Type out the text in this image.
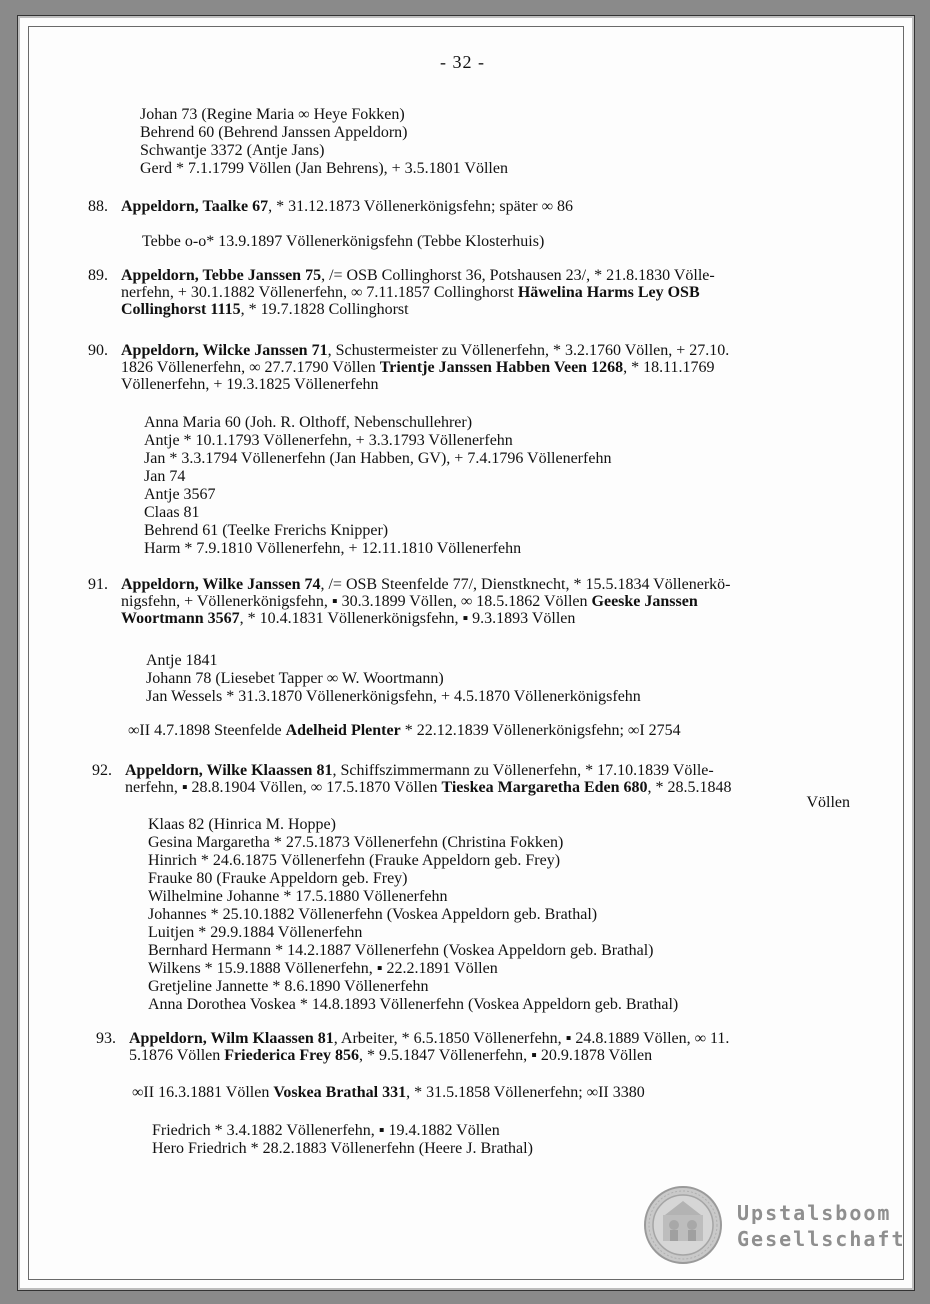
- 32 -
Johan 73 (Regine Maria ∞ Heye Fokken)
Behrend 60 (Behrend Janssen Appeldorn)
Schwantje 3372 (Antje Jans)
Gerd * 7.1.1799 Völlen (Jan Behrens), + 3.5.1801 Völlen
88. Appeldorn, Taalke 67, * 31.12.1873 Völlenerkönigsfehn; später ∞ 86
Tebbe o-o* 13.9.1897 Völlenerkönigsfehn (Tebbe Klosterhuis)
89. Appeldorn, Tebbe Janssen 75, /= OSB Collinghorst 36, Potshausen 23/, * 21.8.1830 Völle-
nerfehn, + 30.1.1882 Völlenerfehn, ∞ 7.11.1857 Collinghorst Häwelina Harms Ley OSB
Collinghorst 1115, * 19.7.1828 Collinghorst
90. Appeldorn, Wilcke Janssen 71, Schustermeister zu Völlenerfehn, * 3.2.1760 Völlen, + 27.10.
1826 Völlenerfehn, ∞ 27.7.1790 Völlen Trientje Janssen Habben Veen 1268, * 18.11.1769
Völlenerfehn, + 19.3.1825 Völlenerfehn
Anna Maria 60 (Joh. R. Olthoff, Nebenschullehrer)
Antje * 10.1.1793 Völlenerfehn, + 3.3.1793 Völlenerfehn
Jan * 3.3.1794 Völlenerfehn (Jan Habben, GV), + 7.4.1796 Völlenerfehn
Jan 74
Antje 3567
Claas 81
Behrend 61 (Teelke Frerichs Knipper)
Harm * 7.9.1810 Völlenerfehn, + 12.11.1810 Völlenerfehn
91. Appeldorn, Wilke Janssen 74, /= OSB Steenfelde 77/, Dienstknecht, * 15.5.1834 Völlenerkö-
nigsfehn, + Völlenerkönigsfehn, ▪ 30.3.1899 Völlen, ∞ 18.5.1862 Völlen Geeske Janssen
Woortmann 3567, * 10.4.1831 Völlenerkönigsfehn, ▪ 9.3.1893 Völlen
Antje 1841
Johann 78 (Liesebet Tapper ∞ W. Woortmann)
Jan Wessels * 31.3.1870 Völlenerkönigsfehn, + 4.5.1870 Völlenerkönigsfehn
∞II 4.7.1898 Steenfelde Adelheid Plenter * 22.12.1839 Völlenerkönigsfehn; ∞I 2754
92. Appeldorn, Wilke Klaassen 81, Schiffszimmermann zu Völlenerfehn, * 17.10.1839 Völle-
nerfehn, ▪ 28.8.1904 Völlen, ∞ 17.5.1870 Völlen Tieskea Margaretha Eden 680, * 28.5.1848
Völlen
Klaas 82 (Hinrica M. Hoppe)
Gesina Margaretha * 27.5.1873 Völlenerfehn (Christina Fokken)
Hinrich * 24.6.1875 Völlenerfehn (Frauke Appeldorn geb. Frey)
Frauke 80 (Frauke Appeldorn geb. Frey)
Wilhelmine Johanne * 17.5.1880 Völlenerfehn
Johannes * 25.10.1882 Völlenerfehn (Voskea Appeldorn geb. Brathal)
Luitjen * 29.9.1884 Völlenerfehn
Bernhard Hermann * 14.2.1887 Völlenerfehn (Voskea Appeldorn geb. Brathal)
Wilkens * 15.9.1888 Völlenerfehn, ▪ 22.2.1891 Völlen
Gretjeline Jannette * 8.6.1890 Völlenerfehn
Anna Dorothea Voskea * 14.8.1893 Völlenerfehn (Voskea Appeldorn geb. Brathal)
93. Appeldorn, Wilm Klaassen 81, Arbeiter, * 6.5.1850 Völlenerfehn, ▪ 24.8.1889 Völlen, ∞ 11.
5.1876 Völlen Friederica Frey 856, * 9.5.1847 Völlenerfehn, ▪ 20.9.1878 Völlen
∞II 16.3.1881 Völlen Voskea Brathal 331, * 31.5.1858 Völlenerfehn; ∞II 3380
Friedrich * 3.4.1882 Völlenerfehn, ▪ 19.4.1882 Völlen
Hero Friedrich * 28.2.1883 Völlenerfehn (Heere J. Brathal)
Upstalsboom
Gesellschaft
